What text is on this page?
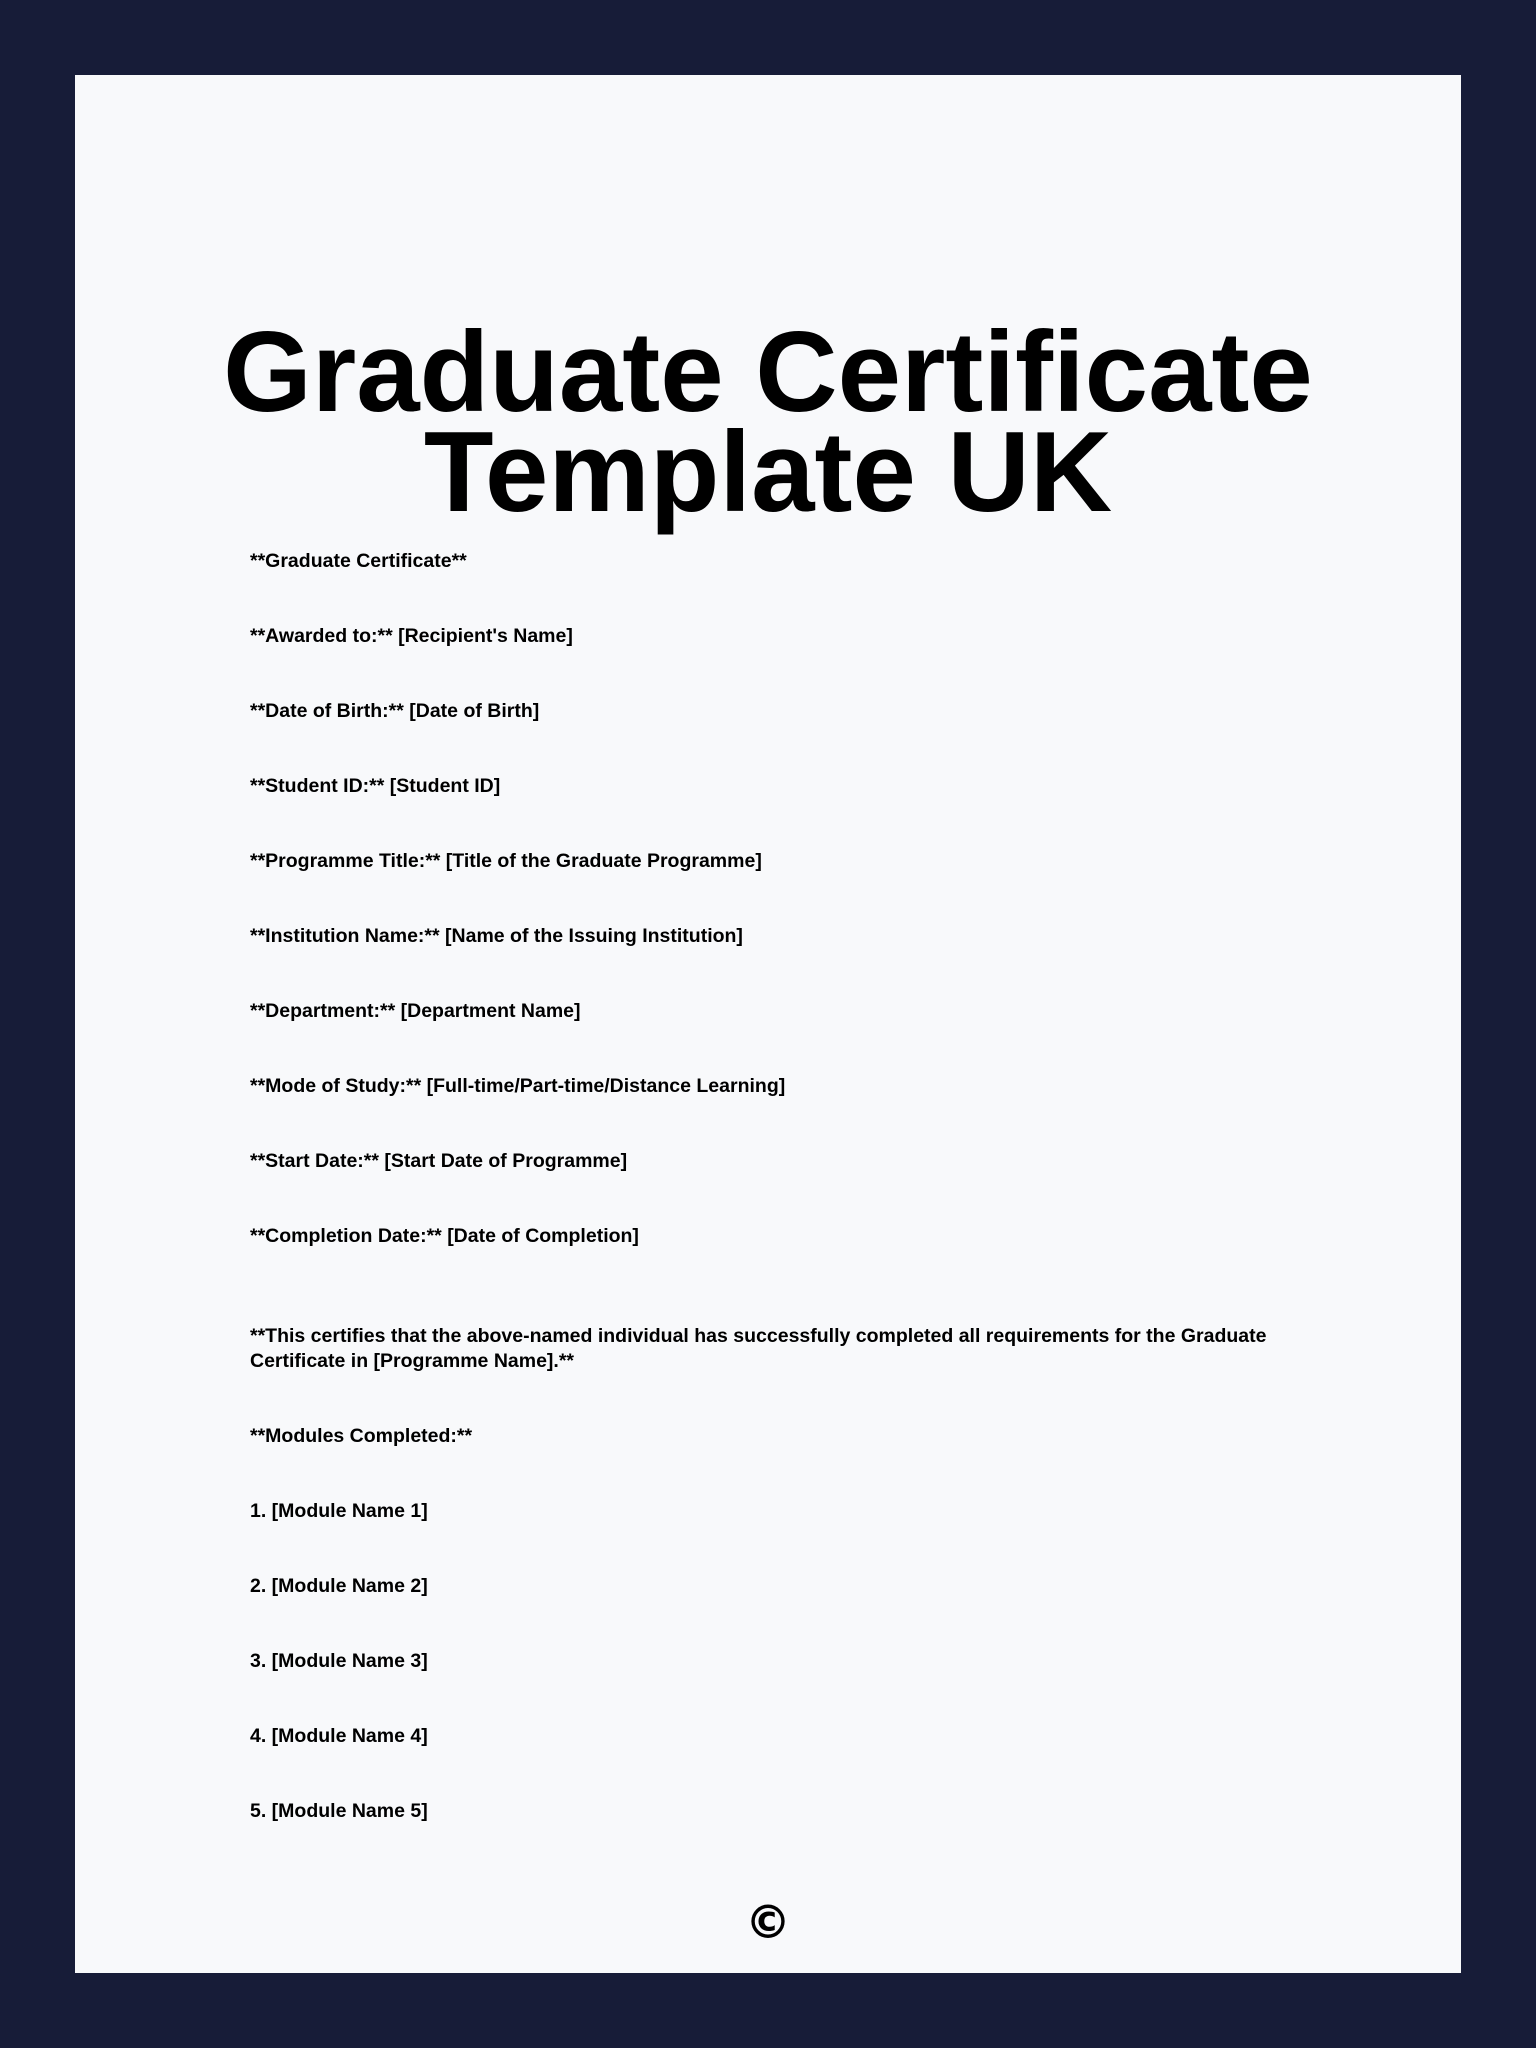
Graduate Certificate
Template UK

**Graduate Certificate**

**Awarded to:** [Recipient's Name]

**Date of Birth:** [Date of Birth]

**Student ID:** [Student ID]

**Programme Title:** [Title of the Graduate Programme]

**Institution Name:** [Name of the Issuing Institution]

**Department:** [Department Name]

**Mode of Study:** [Full-time/Part-time/Distance Learning]

**Start Date:** [Start Date of Programme]

**Completion Date:** [Date of Completion]

**This certifies that the above-named individual has successfully completed all requirements for the Graduate Certificate in [Programme Name].**

**Modules Completed:**

1. [Module Name 1]

2. [Module Name 2]

3. [Module Name 3]

4. [Module Name 4]

5. [Module Name 5]

©
